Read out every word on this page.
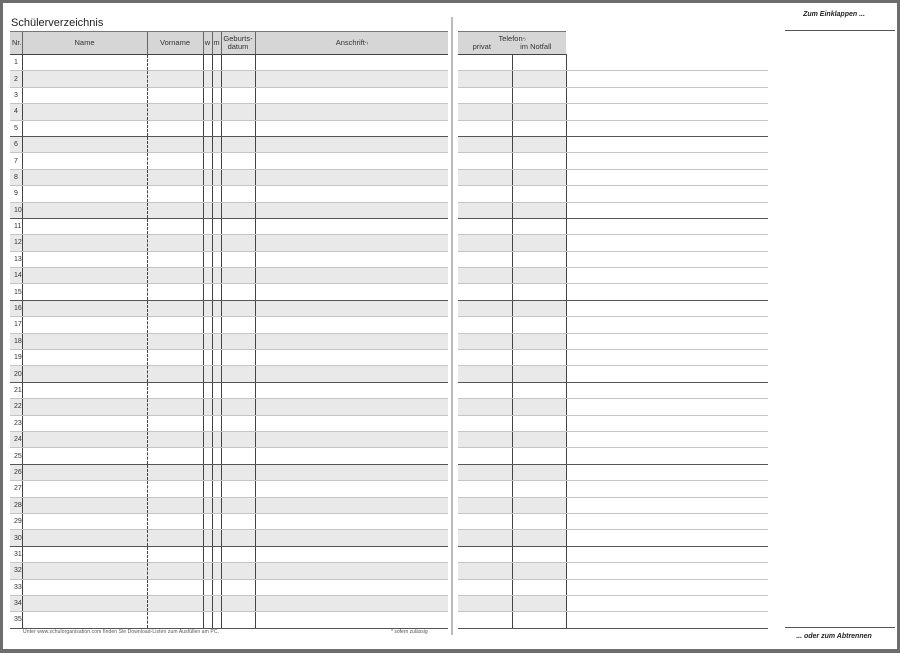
Schülerverzeichnis
Nr.	Name	Vorname	w	m	Geburts-
datum	Anschrift*)
1						
2						
3						
4						
5						
6						
7						
8						
9						
10						
11						
12						
13						
14						
15						
16						
17						
18						
19						
20						
21						
22						
23						
24						
25						
26						
27						
28						
29						
30						
31						
32						
33						
34						
35						
Unter www.schulorganisation.com finden Sie Download-Listen zum Ausfüllen am PC.	* sofern zulässig
Telefon*)
privat im Notfall		

Zum Einklappen ...
... oder zum Abtrennen
